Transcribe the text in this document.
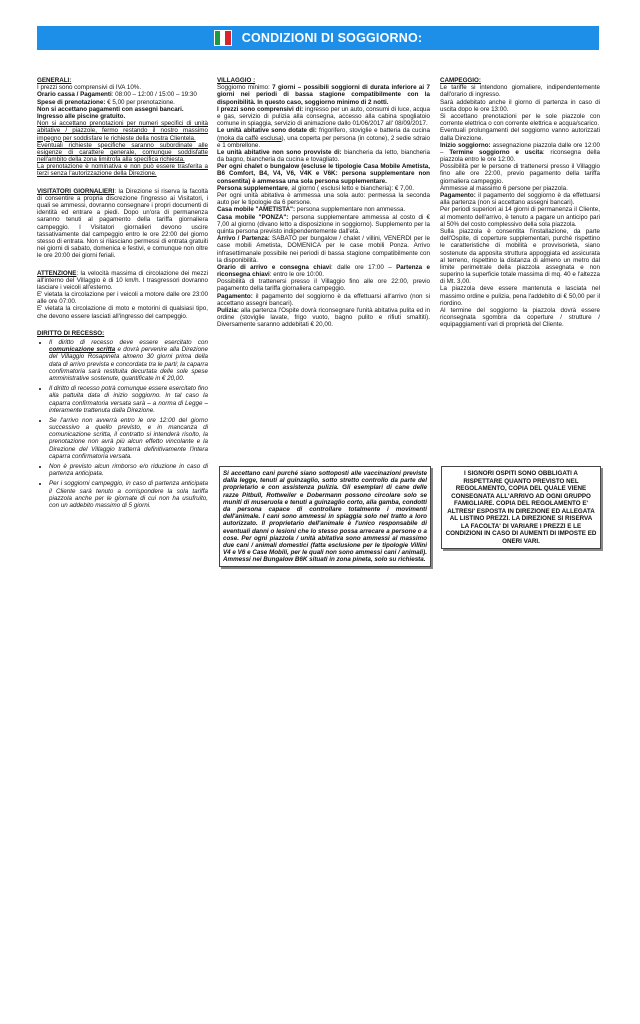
CONDIZIONI DI SOGGIORNO:

GENERALI:

I prezzi sono comprensivi di IVA 10%.

Orario cassa / Pagamenti: 08:00 – 12:00 / 15:00 – 19:30

Spese di prenotazione: € 5,00 per prenotazione.

Non si accettano pagamenti con assegni bancari.

Ingresso alle piscine gratuito.

Non si accettano prenotazioni per numeri specifici di unità abitative / piazzole, fermo restando il nostro massimo impegno per soddisfare le richieste della nostra Clientela.

Eventuali richieste specifiche saranno subordinate alle esigenze di carattere generale, comunque soddisfatte nell'ambito della zona limitrofa alla specifica richiesta.

La prenotazione è nominativa e non può essere trasferita a terzi senza l'autorizzazione della Direzione.

VISITATORI GIORNALIERI: la Direzione si riserva la facoltà di consentire a propria discrezione l'ingresso ai Visitatori, i quali se ammessi, dovranno consegnare i propri documenti di identità ed entrare a piedi. Dopo un'ora di permanenza saranno tenuti al pagamento della tariffa giornaliera campeggio. I Visitatori giornalieri devono uscire tassativamente dal campeggio entro le ore 22:00 del giorno stesso di entrata. Non si rilasciano permessi di entrata gratuiti nei giorni di sabato, domenica e festivi, e comunque non oltre le ore 20:00 dei giorni feriali.

ATTENZIONE: la velocità massima di circolazione dei mezzi all'interno del Villaggio è di 10 km/h. I trasgressori dovranno lasciare i veicoli all'esterno.

E' vietata la circolazione per i veicoli a motore dalle ore 23:00 alle ore 07:00.

E' vietata la circolazione di moto e motorini di qualsiasi tipo, che devono essere lasciati all'ingresso del campeggio.

DIRITTO DI RECESSO:

• Il diritto di recesso deve essere esercitato con comunicazione scritta e dovrà pervenire alla Direzione del Villaggio Rosapineta almeno 30 giorni prima della data di arrivo prevista e concordata tra le parti; la caparra confirmatoria sarà restituita decurtata delle sole spese amministrative sostenute, quantificate in € 20,00.
• Il diritto di recesso potrà comunque essere esercitato fino alla pattuita data di inizio soggiorno. In tal caso la caparra confirmatoria versata sarà – a norma di Legge – interamente trattenuta dalla Direzione.
• Se l'arrivo non avverrà entro le ore 12:00 del giorno successivo a quello previsto, e in mancanza di comunicazione scritta, il contratto si intenderà risolto, la prenotazione non avrà più alcun effetto vincolante e la Direzione del Villaggio tratterrà definitivamente l'intera caparra confirmatoria versata.
• Non è previsto alcun rimborso e/o riduzione in caso di partenza anticipata.
• Per i soggiorni campeggio, in caso di partenza anticipata il Cliente sarà tenuto a corrispondere la sola tariffa piazzola anche per le giornate di cui non ha usufruito, con un addebito massimo di 5 giorni.

VILLAGGIO :

Soggiorno minimo: 7 giorni – possibili soggiorni di durata inferiore ai 7 giorni nei periodi di bassa stagione compatibilmente con la disponibilità. In questo caso, soggiorno minimo di 2 notti.

I prezzi sono comprensivi di: ingresso per un auto, consumi di luce, acqua e gas, servizio di pulizia alla consegna, accesso alla cabina spogliatoio comune in spiaggia, servizio di animazione dallo 01/06/2017 all' 08/09/2017.

Le unità abitative sono dotate di: frigorifero, stoviglie e batteria da cucina (moka da caffè esclusa), una coperta per persona (in cotone), 2 sedie sdraio e 1 ombrellone.

Le unità abitative non sono provviste di: biancheria da letto, biancheria da bagno, biancheria da cucina e tovagliato.

Per ogni chalet o bungalow (escluse le tipologie Casa Mobile Ametista, B6 Comfort, B4, V4, V6, V4K e V6K: persona supplementare non consentita) è ammessa una sola persona supplementare.

Persona supplementare, al giorno ( esclusi letto e biancheria): € 7,00.

Per ogni unità abitativa è ammessa una sola auto: permessa la seconda auto per le tipologie da 6 persone.

Casa mobile "AMETISTA": persona supplementare non ammessa.

Casa mobile "PONZA": persona supplementare ammessa al costo di € 7,00 al giorno (divano letto a disposizione in soggiorno). Supplemento per la quinta persona previsto indipendentemente dall'età.

Arrivo / Partenza: SABATO per bungalow / chalet / villini, VENERDI per le case mobili Ametista, DOMENICA per le case mobili Ponza. Arrivo infrasettimanale possibile nei periodi di bassa stagione compatibilmente con la disponibilità.

Orario di arrivo e consegna chiavi: dalle ore 17:00 – Partenza e riconsegna chiavi: entro le ore 10:00.

Possibilità di trattenersi presso il Villaggio fino alle ore 22:00, previo pagamento della tariffa giornaliera campeggio.

Pagamento: il pagamento del soggiorno è da effettuarsi all'arrivo (non si accettano assegni bancari).

Pulizia: alla partenza l'Ospite dovrà riconsegnare l'unità abitativa pulita ed in ordine (stoviglie lavate, frigo vuoto, bagno pulito e rifiuti smaltiti). Diversamente saranno addebitati € 20,00.

Si accettano cani purché siano sottoposti alle vaccinazioni previste dalla legge, tenuti al guinzaglio, sotto stretto controllo da parte del proprietario e con assistenza pulizia. Gli esemplari di cane delle razze Pitbull, Rottweiler e Dobermann possono circolare solo se muniti di museruola e tenuti a guinzaglio corto, alla gamba, condotti da persona capace di controllare totalmente i movimenti dell'animale. I cani sono ammessi in spiaggia solo nel tratto a loro autorizzato. Il proprietario dell'animale è l'unico responsabile di eventuali danni o lesioni che lo stesso possa arrecare a persone o a cose. Per ogni piazzola / unità abitativa sono ammessi al massimo due cani / animali domestici (fatta esclusione per le tipologie Villini V4 e V6 e Case Mobili, per le quali non sono ammessi cani / animali). Ammessi nei Bungalow B6K situati in zona pineta, solo su richiesta.

CAMPEGGIO:

Le tariffe si intendono giornaliere, indipendentemente dall'orario di ingresso.

Sarà addebitato anche il giorno di partenza in caso di uscita dopo le ore 13:00.

Si accettano prenotazioni per le sole piazzole con corrente elettrica o con corrente elettrica e acqua/scarico.

Eventuali prolungamenti del soggiorno vanno autorizzati dalla Direzione.

Inizio soggiorno: assegnazione piazzola dalle ore 12:00 – Termine soggiorno e uscita: riconsegna della piazzola entro le ore 12:00.

Possibilità per le persone di trattenersi presso il Villaggio fino alle ore 22:00, previo pagamento della tariffa giornaliera campeggio.

Ammesse al massimo 6 persone per piazzola.

Pagamento: il pagamento del soggiorno è da effettuarsi alla partenza (non si accettano assegni bancari).

Per periodi superiori ai 14 giorni di permanenza il Cliente, al momento dell'arrivo, è tenuto a pagare un anticipo pari al 50% del costo complessivo della sola piazzola.

Sulla piazzola è consentita l'installazione, da parte dell'Ospite, di coperture supplementari, purché rispettino le caratteristiche di mobilità e provvisorietà, siano sostenute da apposita struttura appoggiata ed assicurata al terreno, rispettino la distanza di almeno un metro dal limite perimetrale della piazzola assegnata e non superino la superficie totale massima di mq. 40 e l'altezza di Mt. 3,00.

La piazzola deve essere mantenuta e lasciata nel massimo ordine e pulizia, pena l'addebito di € 50,00 per il riordino.

Al termine del soggiorno la piazzola dovrà essere riconsegnata sgombra da coperture / strutture / equipaggiamenti vari di proprietà del Cliente.

I SIGNORI OSPITI SONO OBBLIGATI A RISPETTARE QUANTO PREVISTO NEL REGOLAMENTO, COPIA DEL QUALE VIENE CONSEGNATA ALL'ARRIVO AD OGNI GRUPPO FAMIGLIARE. COPIA DEL REGOLAMENTO E' ALTRESI' ESPOSTA IN DIREZIONE ED ALLEGATA AL LISTINO PREZZI. LA DIREZIONE SI RISERVA LA FACOLTA' DI VARIARE I PREZZI E LE CONDIZIONI IN CASO DI AUMENTI DI IMPOSTE ED ONERI VARI.
